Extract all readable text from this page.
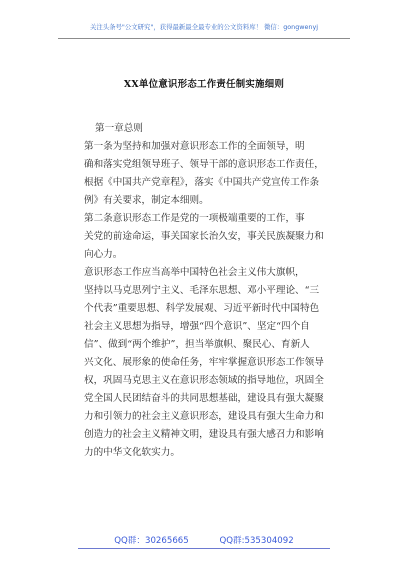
关注头条号"公文研究"，获得最新最全最专业的公文资料库！ 微信：gongwenyj
XX单位意识形态工作责任制实施细则

第一章总则

第一条为坚持和加强对意识形态工作的全面领导，明
确和落实党组领导班子、领导干部的意识形态工作责任，
根据《中国共产党章程》，落实《中国共产党宣传工作条
例》有关要求，制定本细则。

第二条意识形态工作是党的一项极端重要的工作，事
关党的前途命运，事关国家长治久安，事关民族凝聚力和
向心力。

意识形态工作应当高举中国特色社会主义伟大旗帜，
坚持以马克思列宁主义、毛泽东思想、邓小平理论、“三
个代表”重要思想、科学发展观、习近平新时代中国特色
社会主义思想为指导，增强“四个意识”、坚定“四个自
信”、做到“两个维护”，担当举旗帜、聚民心、育新人
兴文化、展形象的使命任务，牢牢掌握意识形态工作领导
权，巩固马克思主义在意识形态领域的指导地位，巩固全
党全国人民团结奋斗的共同思想基础，建设具有强大凝聚
力和引领力的社会主义意识形态，建设具有强大生命力和
创造力的社会主义精神文明，建设具有强大感召力和影响
力的中华文化软实力。

QQ群：30265665	QQ群:535304092
